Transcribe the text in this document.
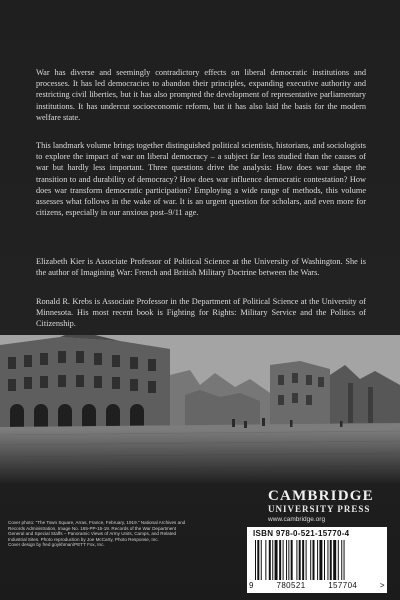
War has diverse and seemingly contradictory effects on liberal democratic institutions and processes. It has led democracies to abandon their principles, expanding executive authority and restricting civil liberties, but it has also prompted the development of representative parliamentary institutions. It has undercut socioeconomic reform, but it has also laid the basis for the modern welfare state.

This landmark volume brings together distinguished political scientists, historians, and sociologists to explore the impact of war on liberal democracy – a subject far less studied than the causes of war but hardly less important. Three questions drive the analysis: How does war shape the transition to and durability of democracy? How does war influence democratic contestation? How does war transform democratic participation? Employing a wide range of methods, this volume assesses what follows in the wake of war. It is an urgent question for scholars, and even more for citizens, especially in our anxious post–9/11 age.

Elizabeth Kier is Associate Professor of Political Science at the University of Washington. She is the author of Imagining War: French and British Military Doctrine between the Wars.

Ronald R. Krebs is Associate Professor in the Department of Political Science at the University of Minnesota. His most recent book is Fighting for Rights: Military Service and the Politics of Citizenship.

CAMBRIDGE
UNIVERSITY PRESS
www.cambridge.org

Cover photo: "The Town Square, Arras, France, February, 1919." National Archives and Records Administration, Image No. 165-PP-15-19. Records of the War Department General and Special Staffs – Panoramic Views of Army Units, Camps, and Related Industrial Sites. Photo reproduction by Joe McCarty, Photo Response, Inc.

Cover design by fred goykhman/PETT Fox, Inc.

ISBN 978-0-521-15770-4
9	780521	157704	>
